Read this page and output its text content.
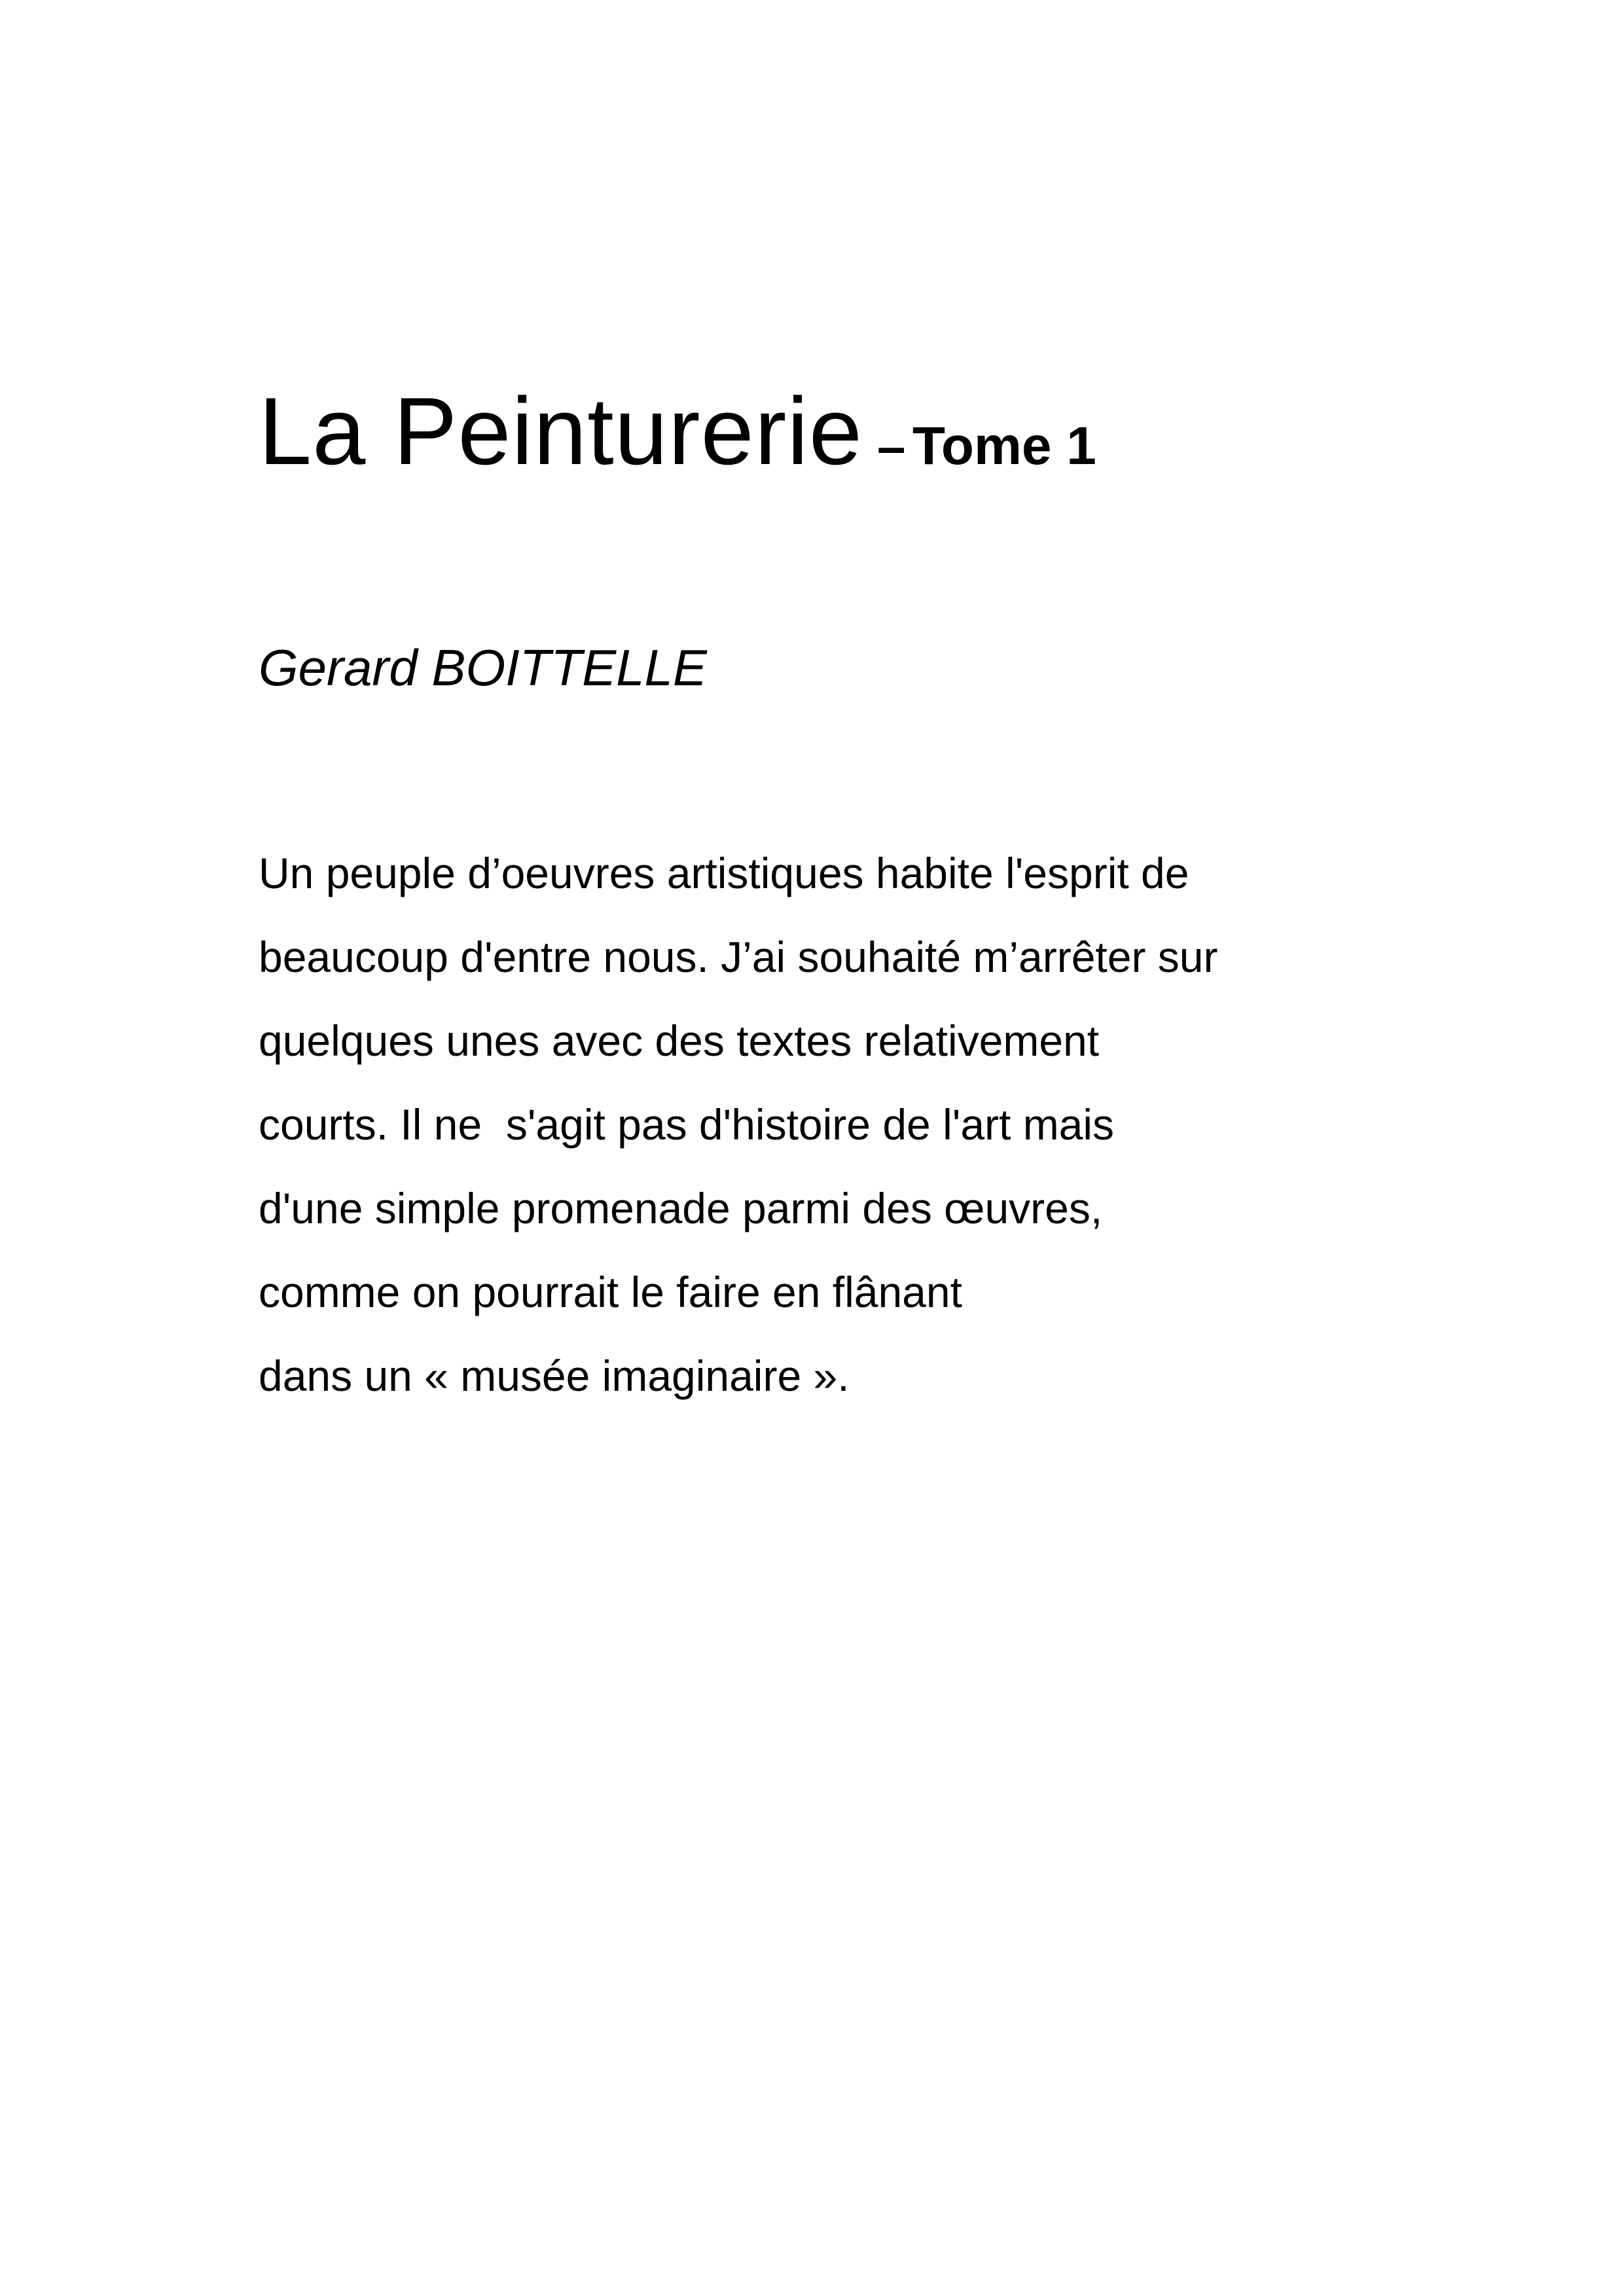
La Peinturerie – Tome 1
Gerard BOITTELLE
Un peuple d’oeuvres artistiques habite l'esprit de
beaucoup d'entre nous. J’ai souhaité m’arrêter sur
quelques unes avec des textes relativement
courts. Il ne  s'agit pas d'histoire de l'art mais
d'une simple promenade parmi des œuvres,
comme on pourrait le faire en flânant
dans un « musée imaginaire ».
